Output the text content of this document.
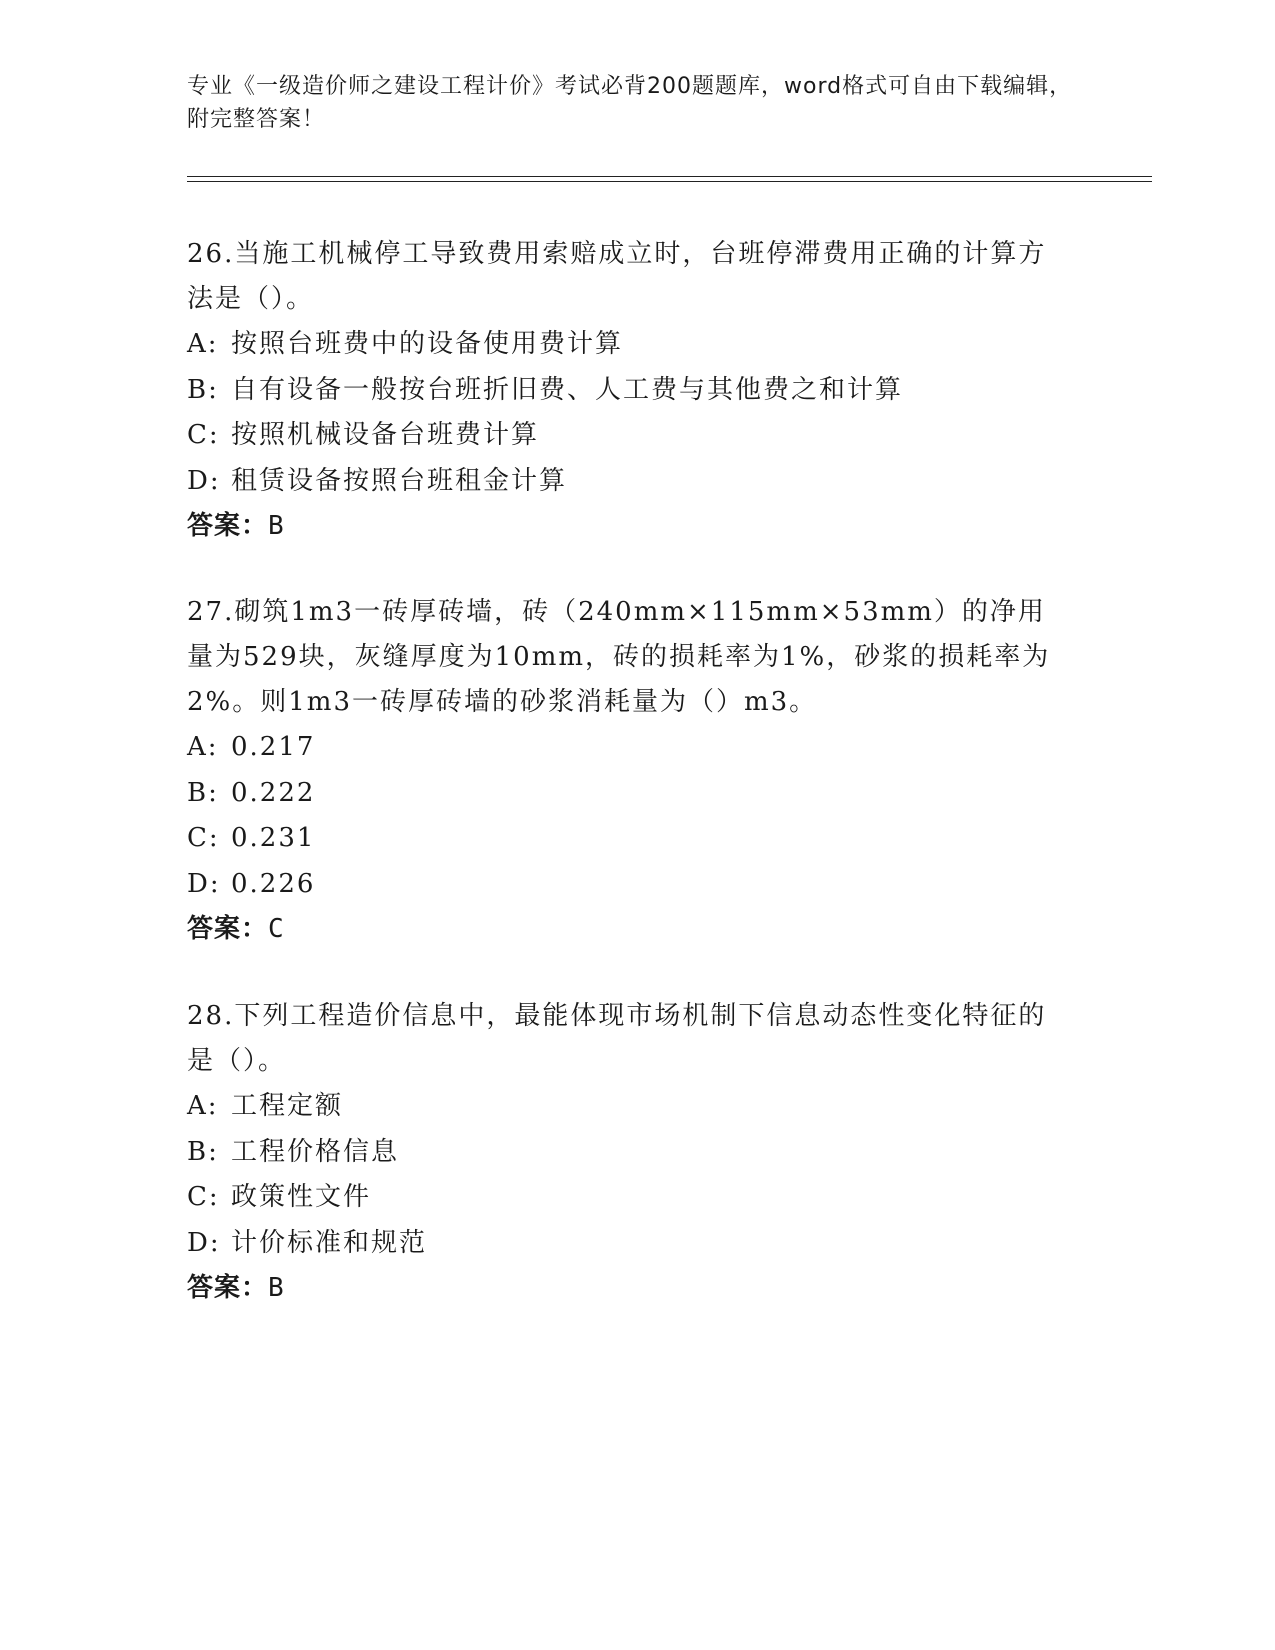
专业《一级造价师之建设工程计价》考试必背200题题库，word格式可自由下载编辑，附完整答案！

26.当施工机械停工导致费用索赔成立时，台班停滞费用正确的计算方法是（）。

A: 按照台班费中的设备使用费计算

B: 自有设备一般按台班折旧费、人工费与其他费之和计算

C: 按照机械设备台班费计算

D: 租赁设备按照台班租金计算

答案：B

27.砌筑1m3一砖厚砖墙，砖（240mm×115mm×53mm）的净用量为529块，灰缝厚度为10mm，砖的损耗率为1%，砂浆的损耗率为2%。则1m3一砖厚砖墙的砂浆消耗量为（）m3。

A: 0.217

B: 0.222

C: 0.231

D: 0.226

答案：C

28.下列工程造价信息中，最能体现市场机制下信息动态性变化特征的是（）。

A: 工程定额

B: 工程价格信息

C: 政策性文件

D: 计价标准和规范

答案：B
